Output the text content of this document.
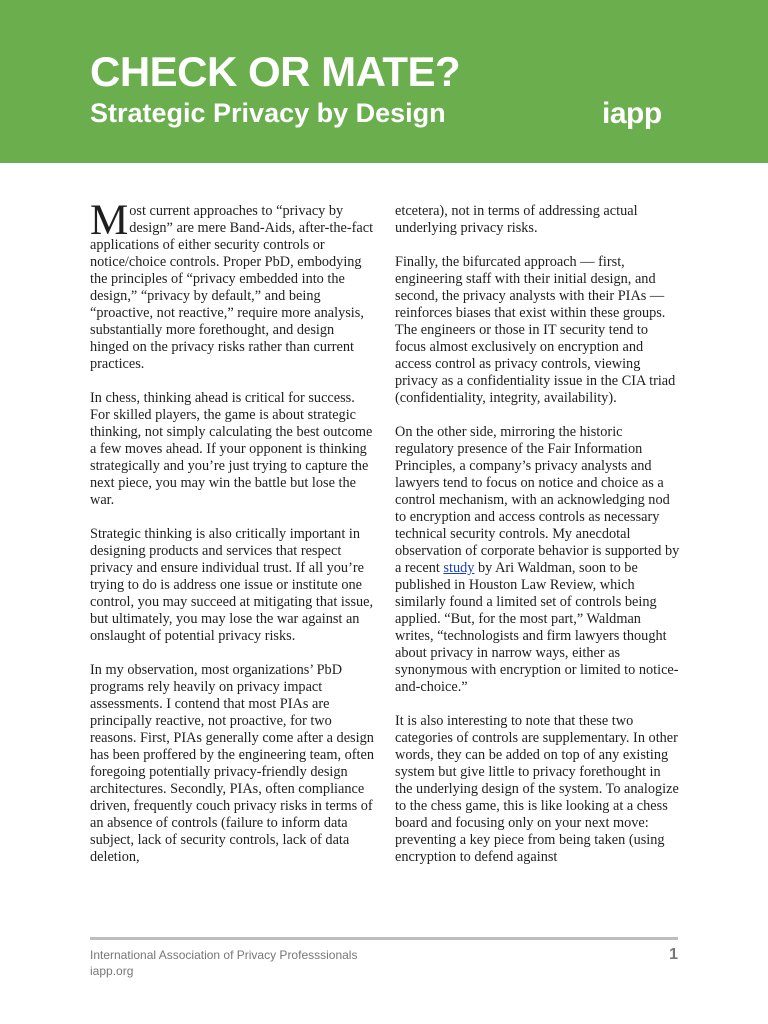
CHECK OR MATE?
Strategic Privacy by Design	iapp

Most current approaches to “privacy by design” are mere Band-Aids, after-the-fact applications of either security controls or notice/choice controls. Proper PbD, embodying the principles of “privacy embedded into the design,” “privacy by default,” and being “proactive, not reactive,” require more analysis, substantially more forethought, and design hinged on the privacy risks rather than current practices.

In chess, thinking ahead is critical for success. For skilled players, the game is about strategic thinking, not simply calculating the best outcome a few moves ahead. If your opponent is thinking strategically and you’re just trying to capture the next piece, you may win the battle but lose the war.

Strategic thinking is also critically important in designing products and services that respect privacy and ensure individual trust. If all you’re trying to do is address one issue or institute one control, you may succeed at mitigating that issue, but ultimately, you may lose the war against an onslaught of potential privacy risks.

In my observation, most organizations’ PbD programs rely heavily on privacy impact assessments. I contend that most PIAs are principally reactive, not proactive, for two reasons. First, PIAs generally come after a design has been proffered by the engineering team, often foregoing potentially privacy-friendly design architectures. Secondly, PIAs, often compliance driven, frequently couch privacy risks in terms of an absence of controls (failure to inform data subject, lack of security controls, lack of data deletion,

etcetera), not in terms of addressing actual underlying privacy risks.

Finally, the bifurcated approach — first, engineering staff with their initial design, and second, the privacy analysts with their PIAs — reinforces biases that exist within these groups. The engineers or those in IT security tend to focus almost exclusively on encryption and access control as privacy controls, viewing privacy as a confidentiality issue in the CIA triad (confidentiality, integrity, availability).

On the other side, mirroring the historic regulatory presence of the Fair Information Principles, a company’s privacy analysts and lawyers tend to focus on notice and choice as a control mechanism, with an acknowledging nod to encryption and access controls as necessary technical security controls. My anecdotal observation of corporate behavior is supported by a recent study by Ari Waldman, soon to be published in Houston Law Review, which similarly found a limited set of controls being applied. “But, for the most part,” Waldman writes, “technologists and firm lawyers thought about privacy in narrow ways, either as synonymous with encryption or limited to notice-and-choice.”

It is also interesting to note that these two categories of controls are supplementary. In other words, they can be added on top of any existing system but give little to privacy forethought in the underlying design of the system. To analogize to the chess game, this is like looking at a chess board and focusing only on your next move: preventing a key piece from being taken (using encryption to defend against

International Association of Privacy Professsionals
iapp.org
1
